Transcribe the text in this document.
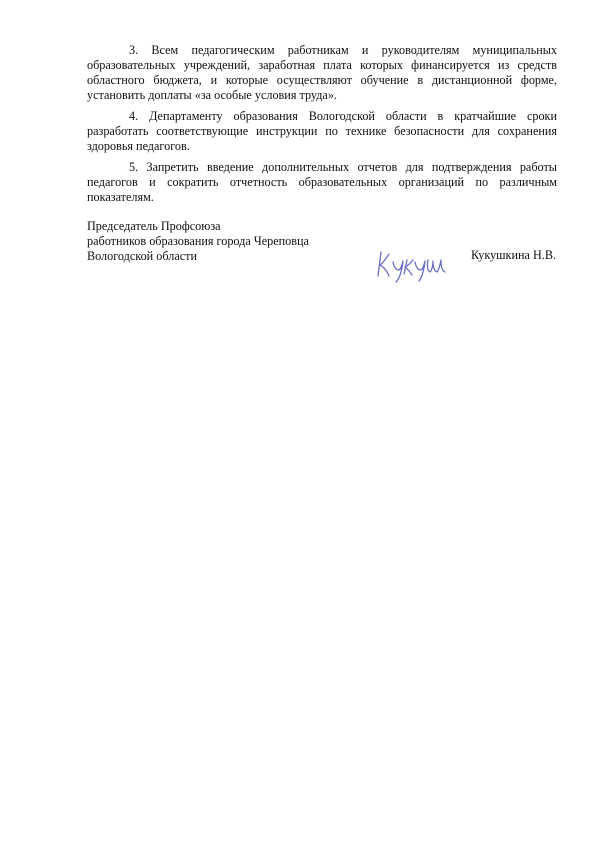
3. Всем педагогическим работникам и руководителям муниципальных образовательных учреждений, заработная плата которых финансируется из средств областного бюджета, и которые осуществляют обучение в дистанционной форме, установить доплаты «за особые условия труда».

4. Департаменту образования Вологодской области в кратчайшие сроки разработать соответствующие инструкции по технике безопасности для сохранения здоровья педагогов.

5. Запретить введение дополнительных отчетов для подтверждения работы педагогов и сократить отчетность образовательных организаций по различным показателям.

Председатель Профсоюза
работников образования города Череповца
Вологодской области	Кукушкина Н.В.
